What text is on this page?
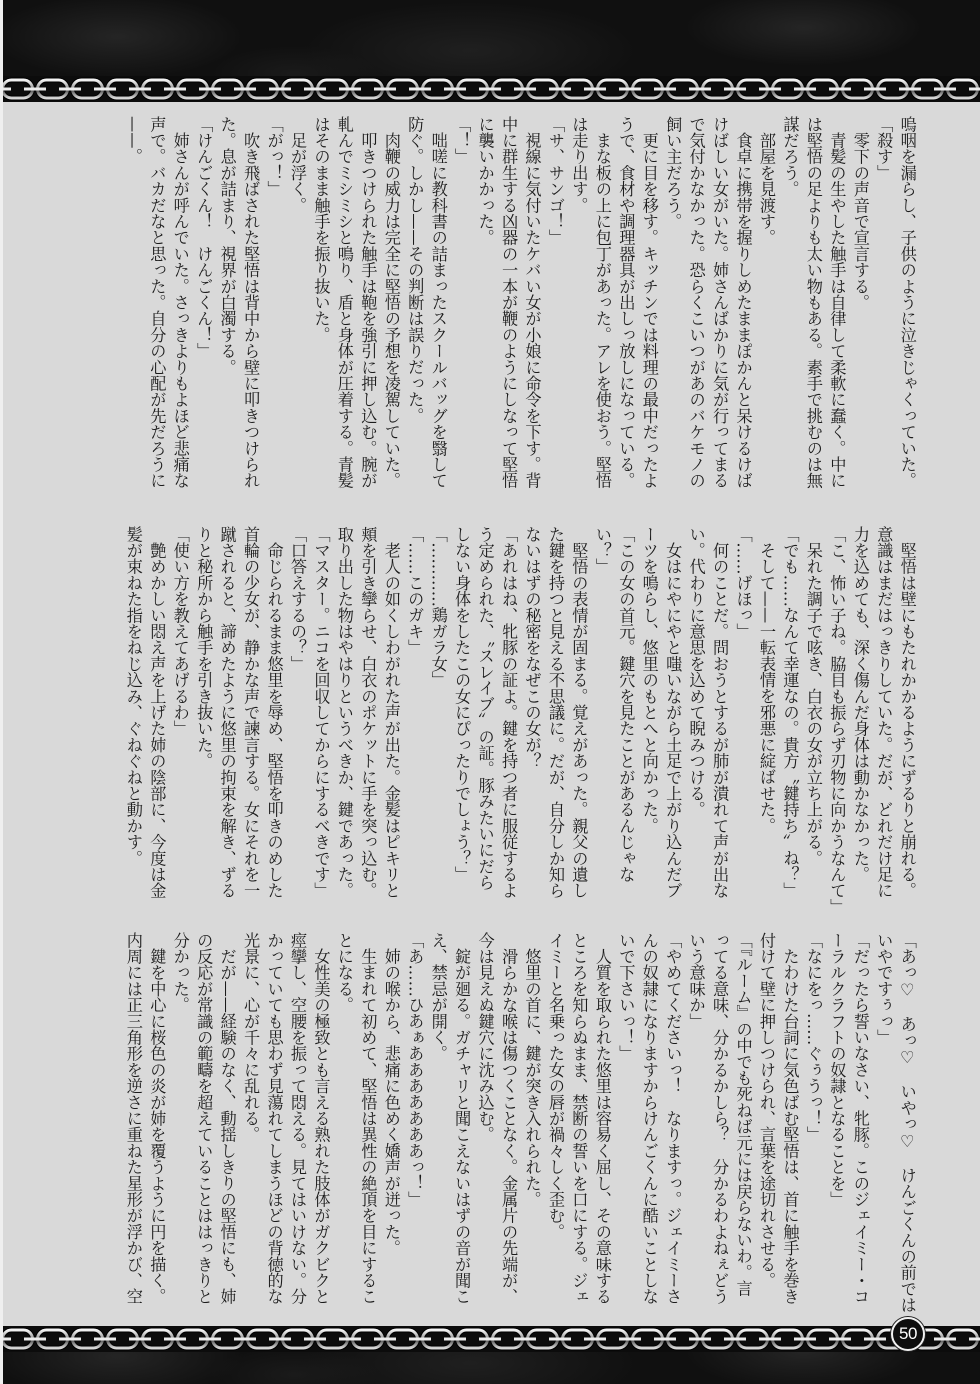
嗚咽を漏らし、子供のように泣きじゃくっていた。
「殺す」
　零下の声音で宣言する。
　青髪の生やした触手は自律して柔軟に蠢く。中に
は堅悟の足よりも太い物もある。素手で挑むのは無
謀だろう。
　部屋を見渡す。
　食卓に携帯を握りしめたままぽかんと呆けるけば
けばしい女がいた。姉さんばかりに気が行ってまる
で気付かなかった。恐らくこいつがあのバケモノの
飼い主だろう。
　更に目を移す。キッチンでは料理の最中だったよ
うで、食材や調理器具が出しっ放しになっている。
　まな板の上に包丁があった。アレを使おう。堅悟
は走り出す。
「サ、サンゴ！」
　視線に気付いたケバい女が小娘に命令を下す。背
中に群生する凶器の一本が鞭のようにしなって堅悟
に襲いかかった。
「！」
　咄嗟に教科書の詰まったスクールバッグを翳して
防ぐ。しかし——その判断は誤りだった。
　肉鞭の威力は完全に堅悟の予想を凌駕していた。
　叩きつけられた触手は鞄を強引に押し込む。腕が
軋んでミシミシと鳴り、盾と身体が圧着する。青髪
はそのまま触手を振り抜いた。
　足が浮く。
「がっ！」
　吹き飛ばされた堅悟は背中から壁に叩きつけられ
た。息が詰まり、視界が白濁する。
「けんごくん！　けんごくん！」
　姉さんが呼んでいた。さっきよりもよほど悲痛な
声で。バカだなと思った。自分の心配が先だろうに
——。
　堅悟は壁にもたれかかるようにずるりと崩れる。
意識はまだはっきりしていた。だが、どれだけ足に
力を込めても、深く傷んだ身体は動かなかった。
「こ、怖い子ね。脇目も振らず刃物に向かうなんて」
　呆れた調子で呟き、白衣の女が立ち上がる。
「でも……なんて幸運なの。貴方〝鍵持ち〟ね？」
　そして——一転表情を邪悪に綻ばせた。
「……げほっ」
　何のことだ。問おうとするが肺が潰れて声が出な
い。代わりに意思を込めて睨みつける。
　女はにやにやと嗤いながら土足で上がり込んだブ
ーツを鳴らし、悠里のもとへと向かった。
「この女の首元。鍵穴を見たことがあるんじゃな
い？」
　堅悟の表情が固まる。覚えがあった。親父の遺し
た鍵を持つと見える不思議に。だが、自分しか知ら
ないはずの秘密をなぜこの女が？
「あれはね、牝豚の証よ。鍵を持つ者に服従するよ
う定められた、〝スレイブ〟の証。豚みたいにだら
しない身体をしたこの女にぴったりでしょう？」
「…………鶏ガラ女」
「……このガキ」
　老人の如くしわがれた声が出た。金髪はピキリと
頬を引き攣らせ、白衣のポケットに手を突っ込む。
取り出した物はやはりというべきか、鍵であった。
「マスター。ニコを回収してからにするべきです」
「口答えするの？」
　命じられるまま悠里を辱め、堅悟を叩きのめした
首輪の少女が、静かな声で諫言する。女にそれを一
蹴されると、諦めたように悠里の拘束を解き、ずる
りと秘所から触手を引き抜いた。
「使い方を教えてあげるわ」
　艶めかしい悶え声を上げた姉の陰部に、今度は金
髪が束ねた指をねじ込み、ぐねぐねと動かす。
「あっ♡　あっ♡　いやっ♡　けんごくんの前では
いやですぅっ」
「だったら誓いなさい、牝豚。このジェイミー・コ
ーラルクラフトの奴隷となることを」
「なにをっ……ぐぅうっ！」
　たわけた台詞に気色ばむ堅悟は、首に触手を巻き
付けて壁に押しつけられ、言葉を途切れさせる。
「『ルーム』の中でも死ねば元には戻らないわ。言
ってる意味、分かるかしら？　分かるわよねぇどう
いう意味か」
「やめてくださいっ！　なりますっ。ジェイミーさ
んの奴隷になりますからけんごくんに酷いことしな
いで下さいっ！」
　人質を取られた悠里は容易く屈し、その意味する
ところを知らぬまま、禁断の誓いを口にする。ジェ
イミーと名乗った女の唇が禍々しく歪む。
　悠里の首に、鍵が突き入れられた。
　滑らかな喉は傷つくことなく。金属片の先端が、
今は見えぬ鍵穴に沈み込む。
　錠が廻る。ガチャリと聞こえないはずの音が聞こ
え、禁忌が開く。
「あ……ひあぁあああああああっ！」
　姉の喉から、悲痛に色めく嬌声が迸った。
　生まれて初めて、堅悟は異性の絶頂を目にするこ
とになる。
　女性美の極致とも言える熟れた肢体がガクビクと
痙攣し、空腰を振って悶える。見てはいけない。分
かっていても思わず見蕩れてしまうほどの背徳的な
光景に、心が千々に乱れる。
　だが——経験のなく、動揺しきりの堅悟にも、姉
の反応が常識の範疇を超えていることははっきりと
分かった。
　鍵を中心に桜色の炎が姉を覆うように円を描く。
内周には正三角形を逆さに重ねた星形が浮かび、空
50
